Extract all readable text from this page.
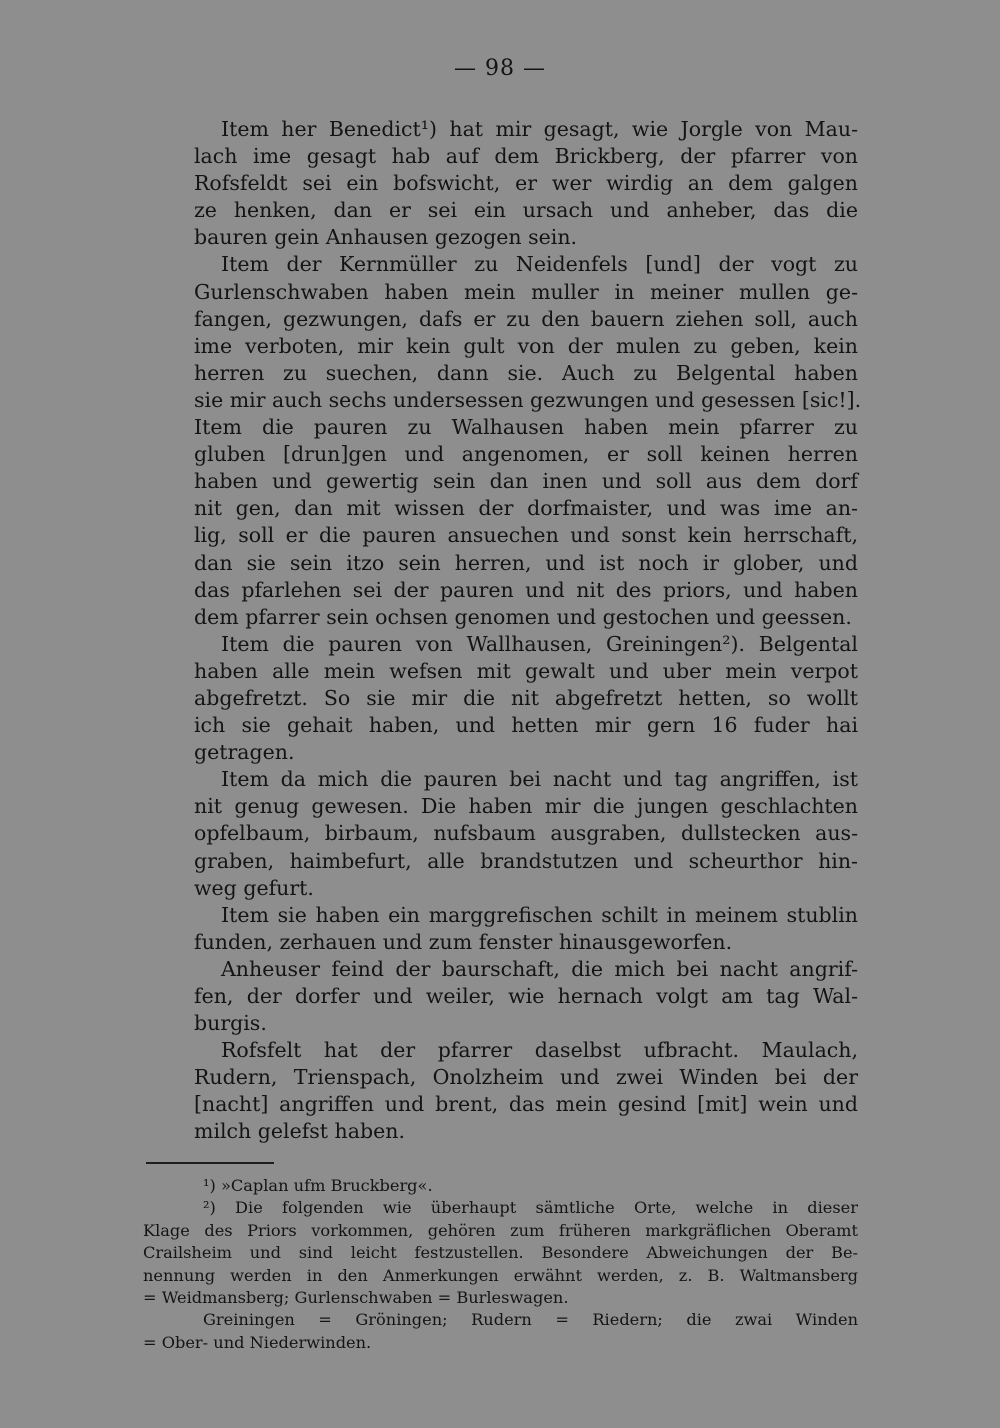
— 98 —
Item her Benedict¹) hat mir gesagt, wie Jorgle von Mau-
lach ime gesagt hab auf dem Brickberg, der pfarrer von
Rofsfeldt sei ein bofswicht, er wer wirdig an dem galgen
ze henken, dan er sei ein ursach und anheber, das die
bauren gein Anhausen gezogen sein.
Item der Kernmüller zu Neidenfels [und] der vogt zu
Gurlenschwaben haben mein muller in meiner mullen ge-
fangen, gezwungen, dafs er zu den bauern ziehen soll, auch
ime verboten, mir kein gult von der mulen zu geben, kein
herren zu suechen, dann sie. Auch zu Belgental haben
sie mir auch sechs undersessen gezwungen und gesessen [sic!].
Item die pauren zu Walhausen haben mein pfarrer zu
gluben [drun]gen und angenomen, er soll keinen herren
haben und gewertig sein dan inen und soll aus dem dorf
nit gen, dan mit wissen der dorfmaister, und was ime an-
lig, soll er die pauren ansuechen und sonst kein herrschaft,
dan sie sein itzo sein herren, und ist noch ir glober, und
das pfarlehen sei der pauren und nit des priors, und haben
dem pfarrer sein ochsen genomen und gestochen und geessen.
Item die pauren von Wallhausen, Greiningen²). Belgental
haben alle mein wefsen mit gewalt und uber mein verpot
abgefretzt. So sie mir die nit abgefretzt hetten, so wollt
ich sie gehait haben, und hetten mir gern 16 fuder hai
getragen.
Item da mich die pauren bei nacht und tag angriffen, ist
nit genug gewesen. Die haben mir die jungen geschlachten
opfelbaum, birbaum, nufsbaum ausgraben, dullstecken aus-
graben, haimbefurt, alle brandstutzen und scheurthor hin-
weg gefurt.
Item sie haben ein marggrefischen schilt in meinem stublin
funden, zerhauen und zum fenster hinausgeworfen.
Anheuser feind der baurschaft, die mich bei nacht angrif-
fen, der dorfer und weiler, wie hernach volgt am tag Wal-
burgis.
Rofsfelt hat der pfarrer daselbst ufbracht. Maulach,
Rudern, Trienspach, Onolzheim und zwei Winden bei der
[nacht] angriffen und brent, das mein gesind [mit] wein und
milch gelefst haben.
¹) »Caplan ufm Bruckberg«.
²) Die folgenden wie überhaupt sämtliche Orte, welche in dieser
Klage des Priors vorkommen, gehören zum früheren markgräflichen Oberamt
Crailsheim und sind leicht festzustellen. Besondere Abweichungen der Be-
nennung werden in den Anmerkungen erwähnt werden, z. B. Waltmansberg
= Weidmansberg; Gurlenschwaben = Burleswagen.
Greiningen = Gröningen; Rudern = Riedern; die zwai Winden
= Ober- und Niederwinden.
